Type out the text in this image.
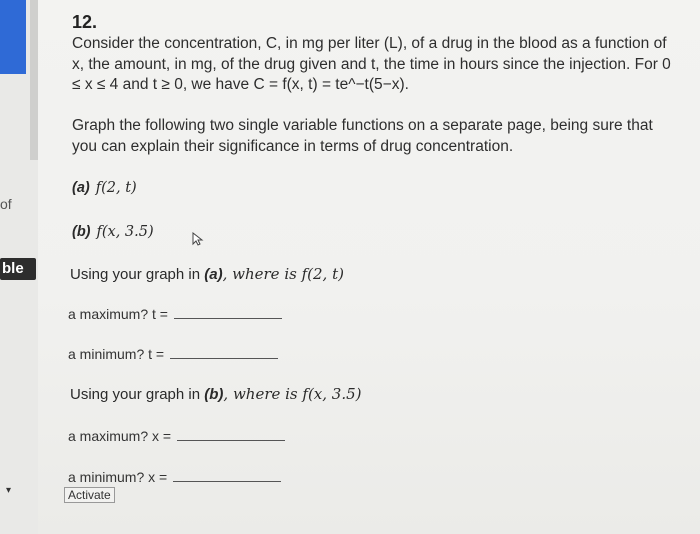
of
ble
▾
12.
Consider the concentration, C, in mg per liter (L), of a drug in the blood as a function of x, the amount, in mg, of the drug given and t, the time in hours since the injection. For 0 ≤ x ≤ 4 and t ≥ 0, we have C = f(x, t) = te^−t(5−x).
Graph the following two single variable functions on a separate page, being sure that you can explain their significance in terms of drug concentration.
(a) f(2, t)
(b) f(x, 3.5)
Using your graph in (a), where is f(2, t)
a maximum? t =
a minimum? t =
Using your graph in (b), where is f(x, 3.5)
a maximum? x =
a minimum? x =
Activate
